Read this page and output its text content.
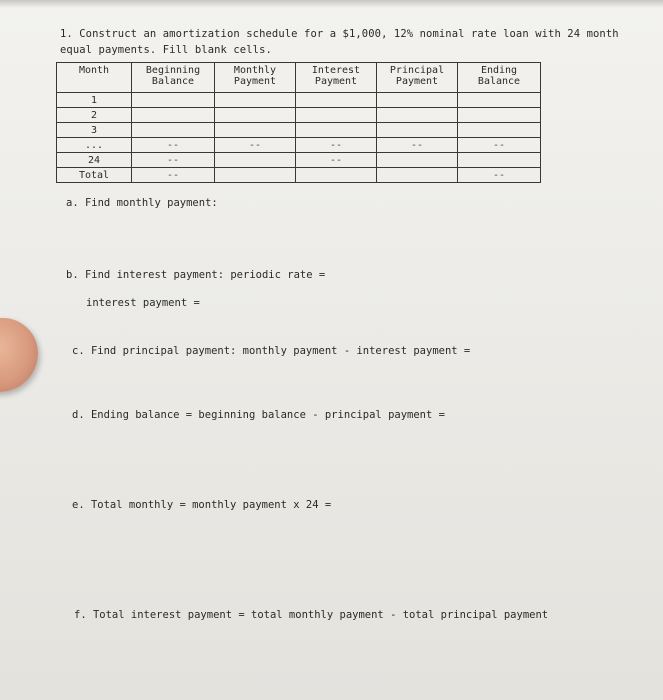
1. Construct an amortization schedule for a $1,000, 12% nominal rate loan with 24 month equal payments. Fill blank cells.
Month	Beginning Balance	Monthly Payment	Interest Payment	Principal Payment	Ending Balance
1					
2					
3					
...	--	--	--	--	--
24	--		--		
Total	--				--
a. Find monthly payment:
b. Find interest payment: periodic rate =
interest payment =
c. Find principal payment: monthly payment - interest payment =
d. Ending balance = beginning balance - principal payment =
e. Total monthly = monthly payment x 24 =
f. Total interest payment = total monthly payment - total principal payment
